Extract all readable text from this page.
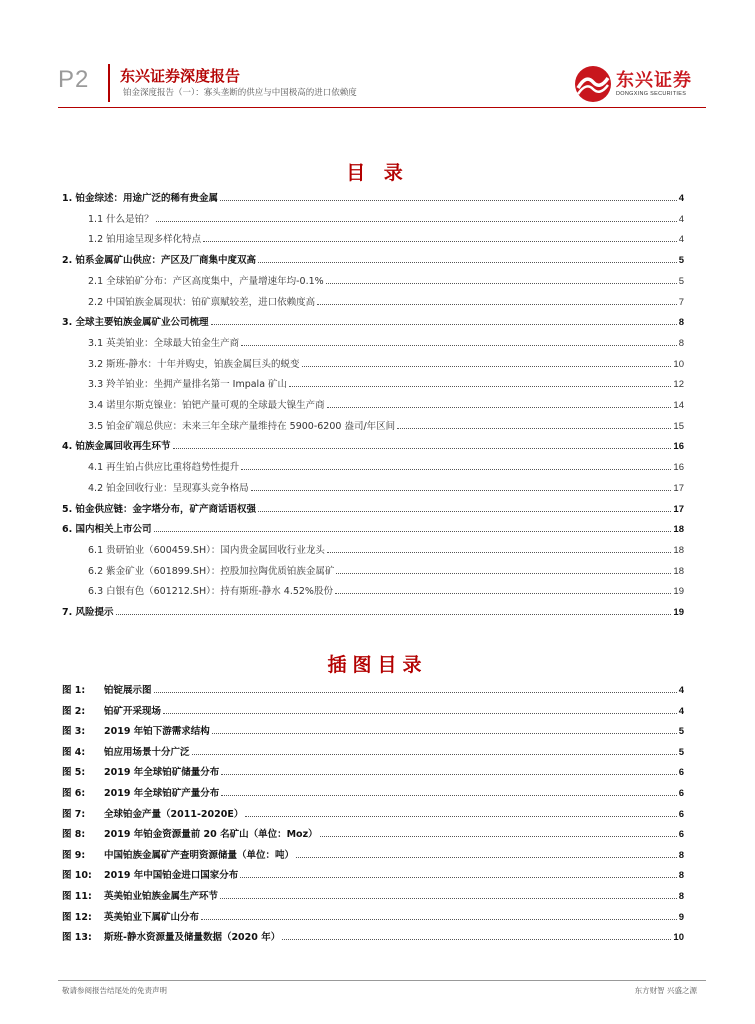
P2 东兴证券深度报告
铂金深度报告（一）：寡头垄断的供应与中国极高的进口依赖度
东兴证券
DONGXING SECURITIES
目 录
1. 铂金综述：用途广泛的稀有贵金属	4
1.1 什么是铂？	4
1.2 铂用途呈现多样化特点	4
2. 铂系金属矿山供应：产区及厂商集中度双高	5
2.1 全球铂矿分布：产区高度集中，产量增速年均-0.1%	5
2.2 中国铂族金属现状：铂矿禀赋较差，进口依赖度高	7
3. 全球主要铂族金属矿业公司梳理	8
3.1 英美铂业：全球最大铂金生产商	8
3.2 斯班-静水：十年并购史，铂族金属巨头的蜕变	10
3.3 羚羊铂业：坐拥产量排名第一 Impala 矿山	12
3.4 诺里尔斯克镍业：铂钯产量可观的全球最大镍生产商	14
3.5 铂金矿端总供应：未来三年全球产量维持在 5900-6200 盎司/年区间	15
4. 铂族金属回收再生环节	16
4.1 再生铂占供应比重将趋势性提升	16
4.2 铂金回收行业：呈现寡头竞争格局	17
5. 铂金供应链：金字塔分布，矿产商话语权强	17
6. 国内相关上市公司	18
6.1 贵研铂业（600459.SH）：国内贵金属回收行业龙头	18
6.2 紫金矿业（601899.SH）：控股加拉陶优质铂族金属矿	18
6.3 白银有色（601212.SH）：持有斯班-静水 4.52%股份	19
7. 风险提示	19
插图目录
图 1:	铂锭展示图	4
图 2:	铂矿开采现场	4
图 3:	2019 年铂下游需求结构	5
图 4:	铂应用场景十分广泛	5
图 5:	2019 年全球铂矿储量分布	6
图 6:	2019 年全球铂矿产量分布	6
图 7:	全球铂金产量（2011-2020E）	6
图 8:	2019 年铂金资源量前 20 名矿山（单位：Moz）	6
图 9:	中国铂族金属矿产查明资源储量（单位：吨）	8
图 10:	2019 年中国铂金进口国家分布	8
图 11:	英美铂业铂族金属生产环节	8
图 12:	英美铂业下属矿山分布	9
图 13:	斯班-静水资源量及储量数据（2020 年）	10
敬请参阅报告结尾处的免责声明	东方财智 兴盛之源
